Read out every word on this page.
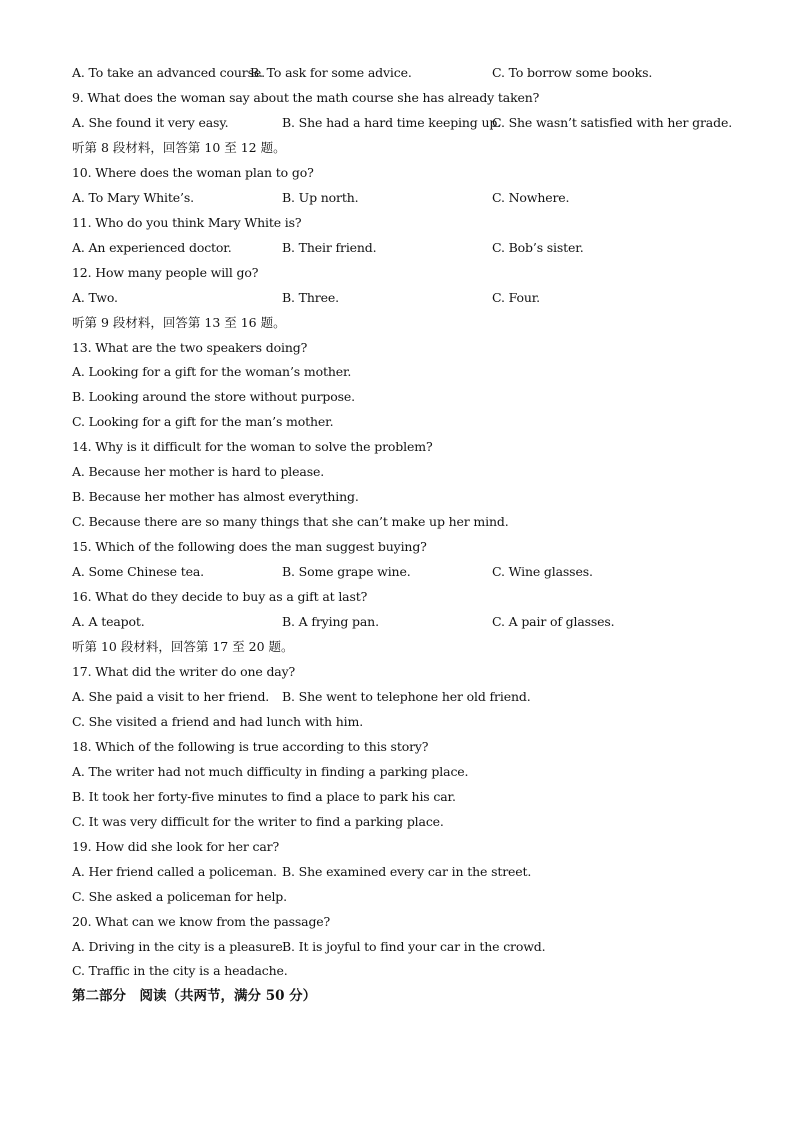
A. To take an advanced course.
B. To ask for some advice.	C. To borrow some books.
9. What does the woman say about the math course she has already taken?
A. She found it very easy.	B. She had a hard time keeping up.
C. She wasn’t satisfied with her grade.
听第 8 段材料，回答第 10 至 12 题。
10. Where does the woman plan to go?
A. To Mary White’s.	B. Up north.	C. Nowhere.
11. Who do you think Mary White is?
A. An experienced doctor.	B. Their friend.	C. Bob’s sister.
12. How many people will go?
A. Two.	B. Three.	C. Four.
听第 9 段材料，回答第 13 至 16 题。
13. What are the two speakers doing?
A. Looking for a gift for the woman’s mother.
B. Looking around the store without purpose.
C. Looking for a gift for the man’s mother.
14. Why is it difficult for the woman to solve the problem?
A. Because her mother is hard to please.
B. Because her mother has almost everything.
C. Because there are so many things that she can’t make up her mind.
15. Which of the following does the man suggest buying?
A. Some Chinese tea.	B. Some grape wine.	C. Wine glasses.
16. What do they decide to buy as a gift at last?
A. A teapot.	B. A frying pan.	C. A pair of glasses.
听第 10 段材料，回答第 17 至 20 题。
17. What did the writer do one day?
A. She paid a visit to her friend. B. She went to telephone her old friend.
C. She visited a friend and had lunch with him.
18. Which of the following is true according to this story?
A. The writer had not much difficulty in finding a parking place.
B. It took her forty-five minutes to find a place to park his car.
C. It was very difficult for the writer to find a parking place.
19. How did she look for her car?
A. Her friend called a policeman. B. She examined every car in the street.
C. She asked a policeman for help.
20. What can we know from the passage?
A. Driving in the city is a pleasure.
B. It is joyful to find your car in the crowd.
C. Traffic in the city is a headache.
第二部分　阅读（共两节，满分 50 分）
